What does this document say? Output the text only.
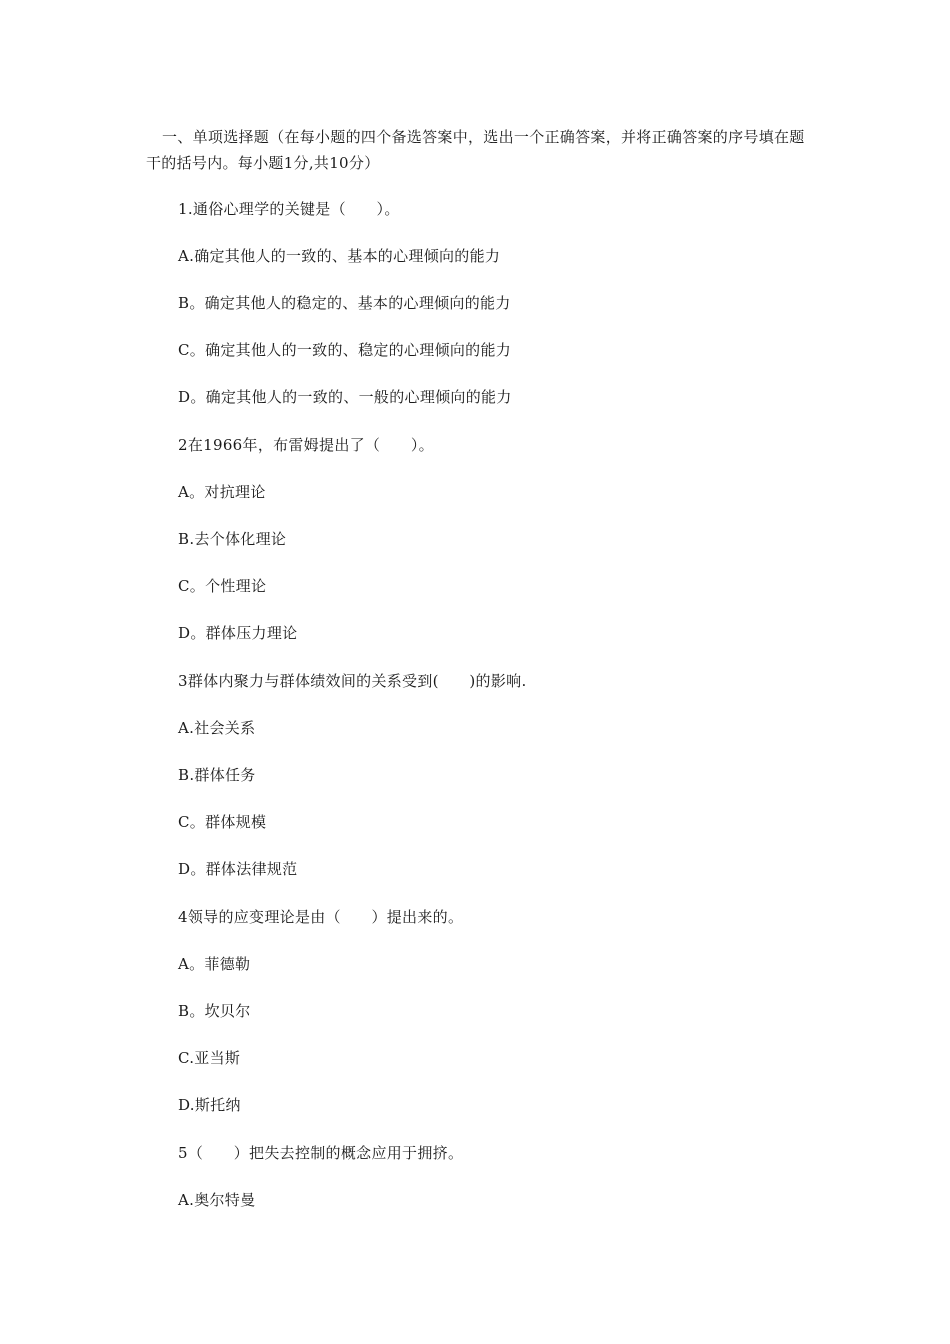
一、单项选择题（在每小题的四个备选答案中，选出一个正确答案，并将正确答案的序号填在题干的括号内。每小题1分,共10分）
1.通俗心理学的关键是（　　）。
A.确定其他人的一致的、基本的心理倾向的能力
B。确定其他人的稳定的、基本的心理倾向的能力
C。确定其他人的一致的、稳定的心理倾向的能力
D。确定其他人的一致的、一般的心理倾向的能力
2在1966年，布雷姆提出了（　　）。
A。对抗理论
B.去个体化理论
C。个性理论
D。群体压力理论
3群体内聚力与群体绩效间的关系受到(　　)的影响.
A.社会关系
B.群体任务
C。群体规模
D。群体法律规范
4领导的应变理论是由（　　）提出来的。
A。菲德勒
B。坎贝尔
C.亚当斯
D.斯托纳
5（　　）把失去控制的概念应用于拥挤。
A.奥尔特曼
